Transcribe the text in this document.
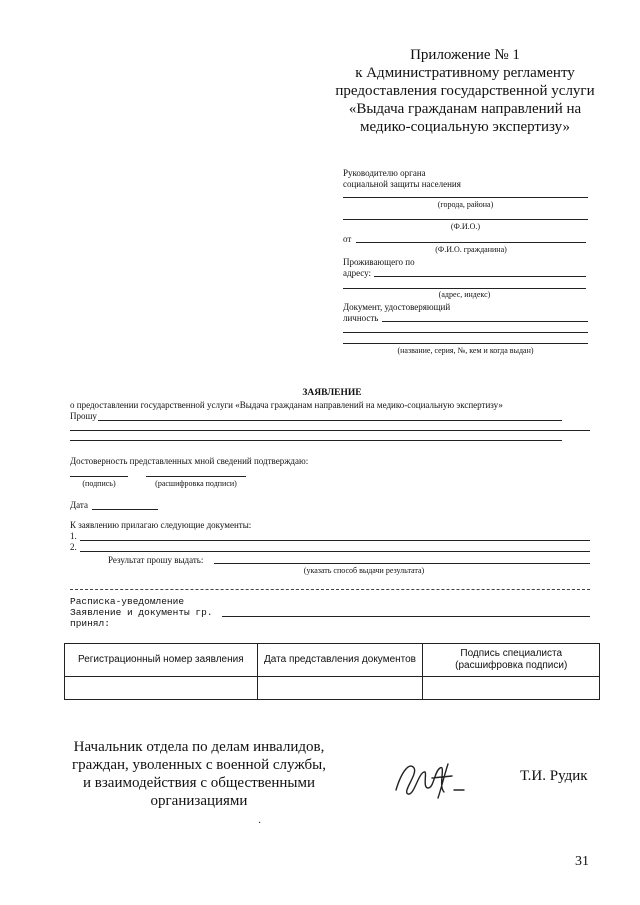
Приложение № 1
к Административному регламенту
предоставления государственной услуги
«Выдача гражданам направлений на
медико-социальную экспертизу»
Руководителю органа
социальной защиты населения
(города, района)
(Ф.И.О.)
от
(Ф.И.О. гражданина)
Проживающего по
адресу:
(адрес, индекс)
Документ, удостоверяющий
личность
(название, серия, №, кем и когда выдан)
ЗАЯВЛЕНИЕ
о предоставлении государственной услуги «Выдача гражданам направлений на медико-социальную экспертизу»
Прошу
Достоверность представленных мной сведений подтверждаю:
(подпись)	(расшифровка подписи)
Дата
К заявлению прилагаю следующие документы:
1.
2.
Результат прошу выдать:
(указать способ выдачи результата)
Расписка-уведомление
Заявление и документы гр.
принял:
Регистрационный номер заявления	Дата представления документов	Подпись специалиста (расшифровка подписи)

Начальник отдела по делам инвалидов,
граждан, уволенных с военной службы,
и взаимодействия с общественными
организациями
Т.И. Рудик
·
31
